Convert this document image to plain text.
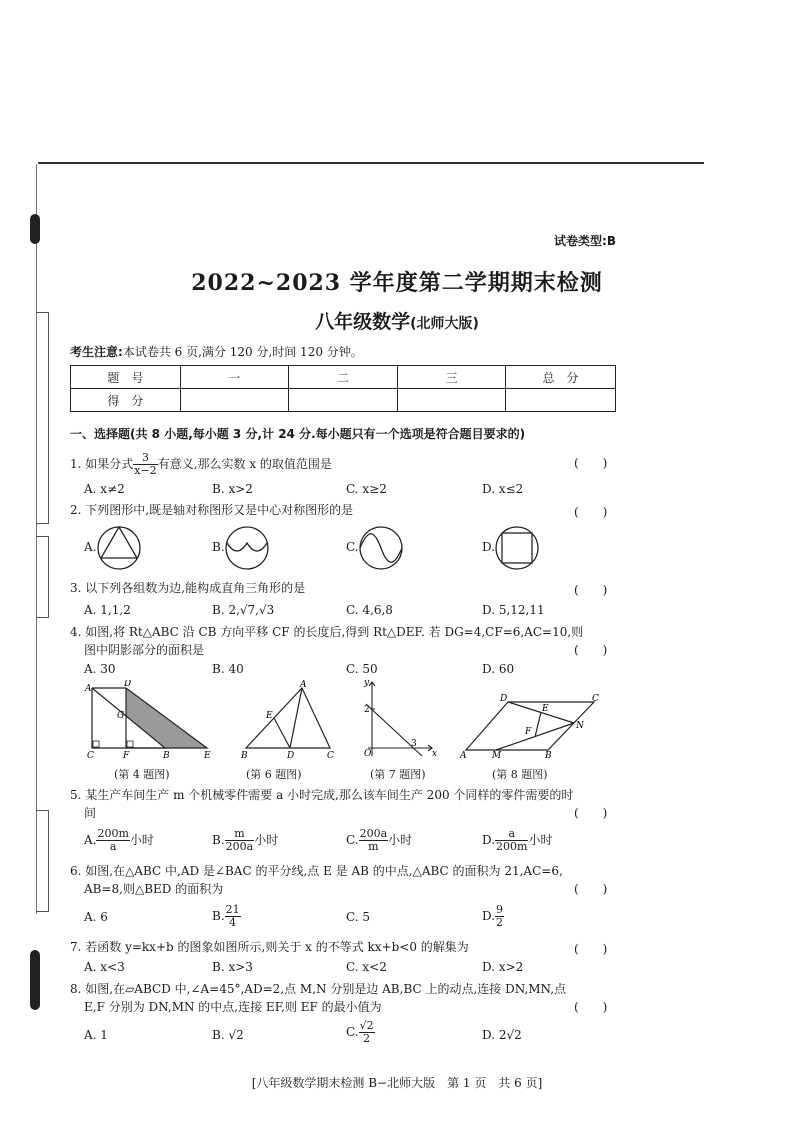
试卷类型:B
2022~2023 学年度第二学期期末检测
八年级数学(北师大版)
考生注意:本试卷共 6 页,满分 120 分,时间 120 分钟。
题　号	一	二	三	总　分
得　分				
一、选择题(共 8 小题,每小题 3 分,计 24 分.每小题只有一个选项是符合题目要求的)
1. 如果分式 $\frac{3}{x-2}$ 有意义,那么实数 x 的取值范围是	(　　)
A. x≠2	B. x>2	C. x≥2	D. x≤2
2. 下列图形中,既是轴对称图形又是中心对称图形的是	(　　)
A.	B.	C.	D.
3. 以下列各组数为边,能构成直角三角形的是	(　　)
A. 1,1,2	B. 2,√7,√3	C. 4,6,8	D. 5,12,11
4. 如图,将 Rt△ABC 沿 CB 方向平移 CF 的长度后,得到 Rt△DEF. 若 DG=4,CF=6,AC=10,则
图中阴影部分的面积是	(　　)
A. 30	B. 40	C. 50	D. 60
A	D
G
C	F	B	E
A
E
B	D	C
y
2
O
3
x
D	C
E
N
F
A	M	B
(第 4 题图)	(第 6 题图)	(第 7 题图)	(第 8 题图)
5. 某生产车间生产 m 个机械零件需要 a 小时完成,那么该车间生产 200 个同样的零件需要的时
间	(　　)
A. $\frac{200m}{a}$ 小时	B. $\frac{m}{200a}$ 小时	C. $\frac{200a}{m}$ 小时	D. $\frac{a}{200m}$ 小时
6. 如图,在△ABC 中,AD 是∠BAC 的平分线,点 E 是 AB 的中点,△ABC 的面积为 21,AC=6,
AB=8,则△BED 的面积为	(　　)
A. 6	B. $\frac{21}{4}$	C. 5	D. $\frac{9}{2}$
7. 若函数 y=kx+b 的图象如图所示,则关于 x 的不等式 kx+b<0 的解集为	(　　)
A. x<3	B. x>3	C. x<2	D. x>2
8. 如图,在▱ABCD 中,∠A=45°,AD=2,点 M,N 分别是边 AB,BC 上的动点,连接 DN,MN,点
E,F 分别为 DN,MN 的中点,连接 EF,则 EF 的最小值为	(　　)
A. 1	B. √2	C. $\frac{√2}{2}$	D. 2√2
[八年级数学期末检测 B−北师大版　第 1 页　共 6 页]
